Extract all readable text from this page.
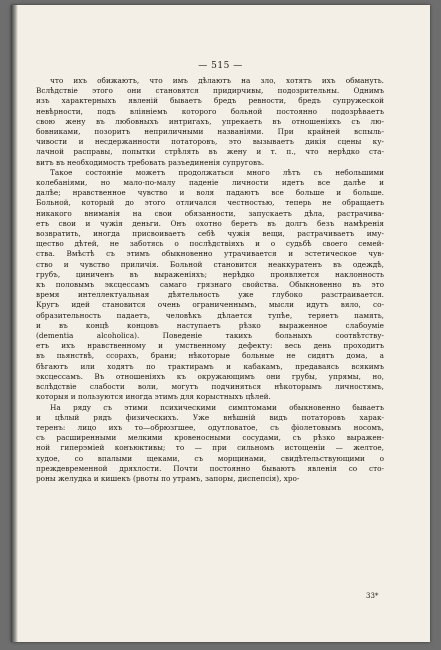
— 515 —

что ихъ обижаютъ, что имъ дѣлаютъ на зло, хотятъ ихъ обмануть.
Вслѣдствіе этого они становятся придирчивы, подозрительны. Однимъ
изъ характерныхъ явленій бываетъ бредъ ревности, бредъ супружеской
невѣрности, подъ вліяніемъ которого больной постоянно подозрѣваетъ
свою жену въ любовныхъ интригахъ, упрекаетъ въ отношеніяхъ съ лю-
бовниками, позоритъ неприличными названіями. При крайней вспыль-
чивости и несдержанности потаторовъ, это вызываетъ дикія сцены ку-
лачной расправы, попытки стрѣлять въ жену и т. п., что нерѣдко ста-
витъ въ необходимость требовать разъединенія супруговъ.

Такое состояніе можетъ продолжаться много лѣтъ съ небольшими
колебаніями, но мало-по-малу паденіе личности идетъ все далѣе и
далѣе; нравственное чувство и воля падаютъ все больше и больше.
Больной, который до этого отличался честностью, теперь не обращаетъ
никакого вниманія на свои обязанности, запускаетъ дѣла, растрачива-
етъ свои и чужія деньги. Онъ охотно беретъ въ долгъ безъ намѣренія
возвратить, иногда присвоиваетъ себѣ чужія вещи, растрачиваетъ иму-
щество дѣтей, не заботясь о послѣдствіяхъ и о судьбѣ своего семей-
ства. Вмѣстѣ съ этимъ обыкновенно утрачивается и эстетическое чув-
ство и чувство приличія. Больной становится неаккуратенъ въ одеждѣ,
грубъ, циниченъ въ выраженіяхъ; нерѣдко проявляется наклонность
къ половымъ эксцессамъ самаго грязнаго свойства. Обыкновенно въ это
время интеллектуальная дѣятельность уже глубоко разстраивается.
Кругъ идей становится очень ограниченнымъ, мысли идутъ вяло, со-
образительность падаетъ, человѣкъ дѣлается тупѣе, теряетъ память,
и въ концѣ концовъ наступаетъ рѣзко выраженное слабоуміе
(dementia alcoholica). Поведеніе такихъ больныхъ соотвѣтству-
етъ ихъ нравственному и умственному дефекту: весь день проходитъ
въ пьянствѣ, ссорахъ, брани; нѣкоторые больные не сидятъ дома, а
бѣгаютъ или ходятъ по трактирамъ и кабакамъ, предаваясь всякимъ
эксцессамъ. Въ отношеніяхъ къ окружающимъ они грубы, упрямы, но,
вслѣдствіе слабости воли, могутъ подчиняться нѣкоторымъ личностямъ,
которыя и пользуются иногда этимъ для корыстныхъ цѣлей.

На ряду съ этими психическими симптомами обыкновенно бываетъ
и цѣлый рядъ физическихъ. Уже внѣшній видъ потаторовъ харак-
теренъ: лицо ихъ то—обрюзгшее, одутловатое, съ фіолетовымъ носомъ,
съ расширенными мелкими кровеносными сосудами, съ рѣзко выражен-
ной гиперэміей конъюктивы; то — при сильномъ истощеніи — желтое,
худое, со впалыми щеками, съ морщинами, свидѣтельствующими о
преждевременной дряхлости. Почти постоянно бываютъ явленія со сто-
роны желудка и кишекъ (рвоты по утрамъ, запоры, диспепсія), хро-

33*
